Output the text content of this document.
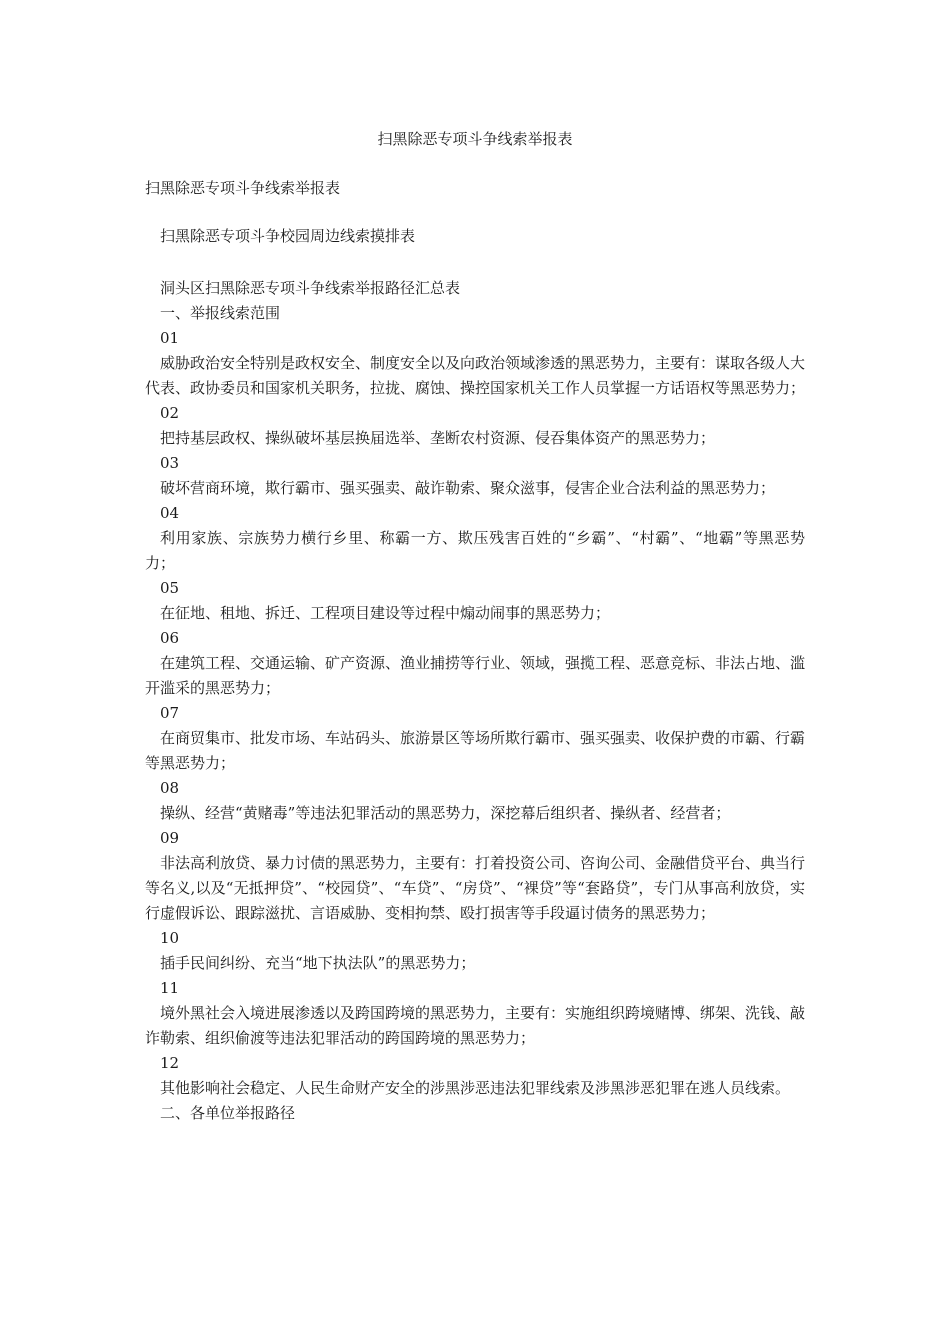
扫黑除恶专项斗争线索举报表
扫黑除恶专项斗争线索举报表
扫黑除恶专项斗争校园周边线索摸排表
洞头区扫黑除恶专项斗争线索举报路径汇总表
一、举报线索范围
01
威胁政治安全特别是政权安全、制度安全以及向政治领域渗透的黑恶势力，主要有：谋取各级人大代表、政协委员和国家机关职务，拉拢、腐蚀、操控国家机关工作人员掌握一方话语权等黑恶势力；
02
把持基层政权、操纵破坏基层换届选举、垄断农村资源、侵吞集体资产的黑恶势力；
03
破坏营商环境，欺行霸市、强买强卖、敲诈勒索、聚众滋事，侵害企业合法利益的黑恶势力；
04
利用家族、宗族势力横行乡里、称霸一方、欺压残害百姓的“乡霸”、“村霸”、“地霸”等黑恶势力；
05
在征地、租地、拆迁、工程项目建设等过程中煽动闹事的黑恶势力；
06
在建筑工程、交通运输、矿产资源、渔业捕捞等行业、领域，强揽工程、恶意竞标、非法占地、滥开滥采的黑恶势力；
07
在商贸集市、批发市场、车站码头、旅游景区等场所欺行霸市、强买强卖、收保护费的市霸、行霸等黑恶势力；
08
操纵、经营“黄赌毒”等违法犯罪活动的黑恶势力，深挖幕后组织者、操纵者、经营者；
09
非法高利放贷、暴力讨债的黑恶势力，主要有：打着投资公司、咨询公司、金融借贷平台、典当行等名义,以及“无抵押贷”、“校园贷”、“车贷”、“房贷”、“裸贷”等“套路贷”，专门从事高利放贷，实行虚假诉讼、跟踪滋扰、言语威胁、变相拘禁、殴打损害等手段逼讨债务的黑恶势力；
10
插手民间纠纷、充当“地下执法队”的黑恶势力；
11
境外黑社会入境进展渗透以及跨国跨境的黑恶势力，主要有：实施组织跨境赌博、绑架、洗钱、敲诈勒索、组织偷渡等违法犯罪活动的跨国跨境的黑恶势力；
12
其他影响社会稳定、人民生命财产安全的涉黑涉恶违法犯罪线索及涉黑涉恶犯罪在逃人员线索。
二、各单位举报路径
